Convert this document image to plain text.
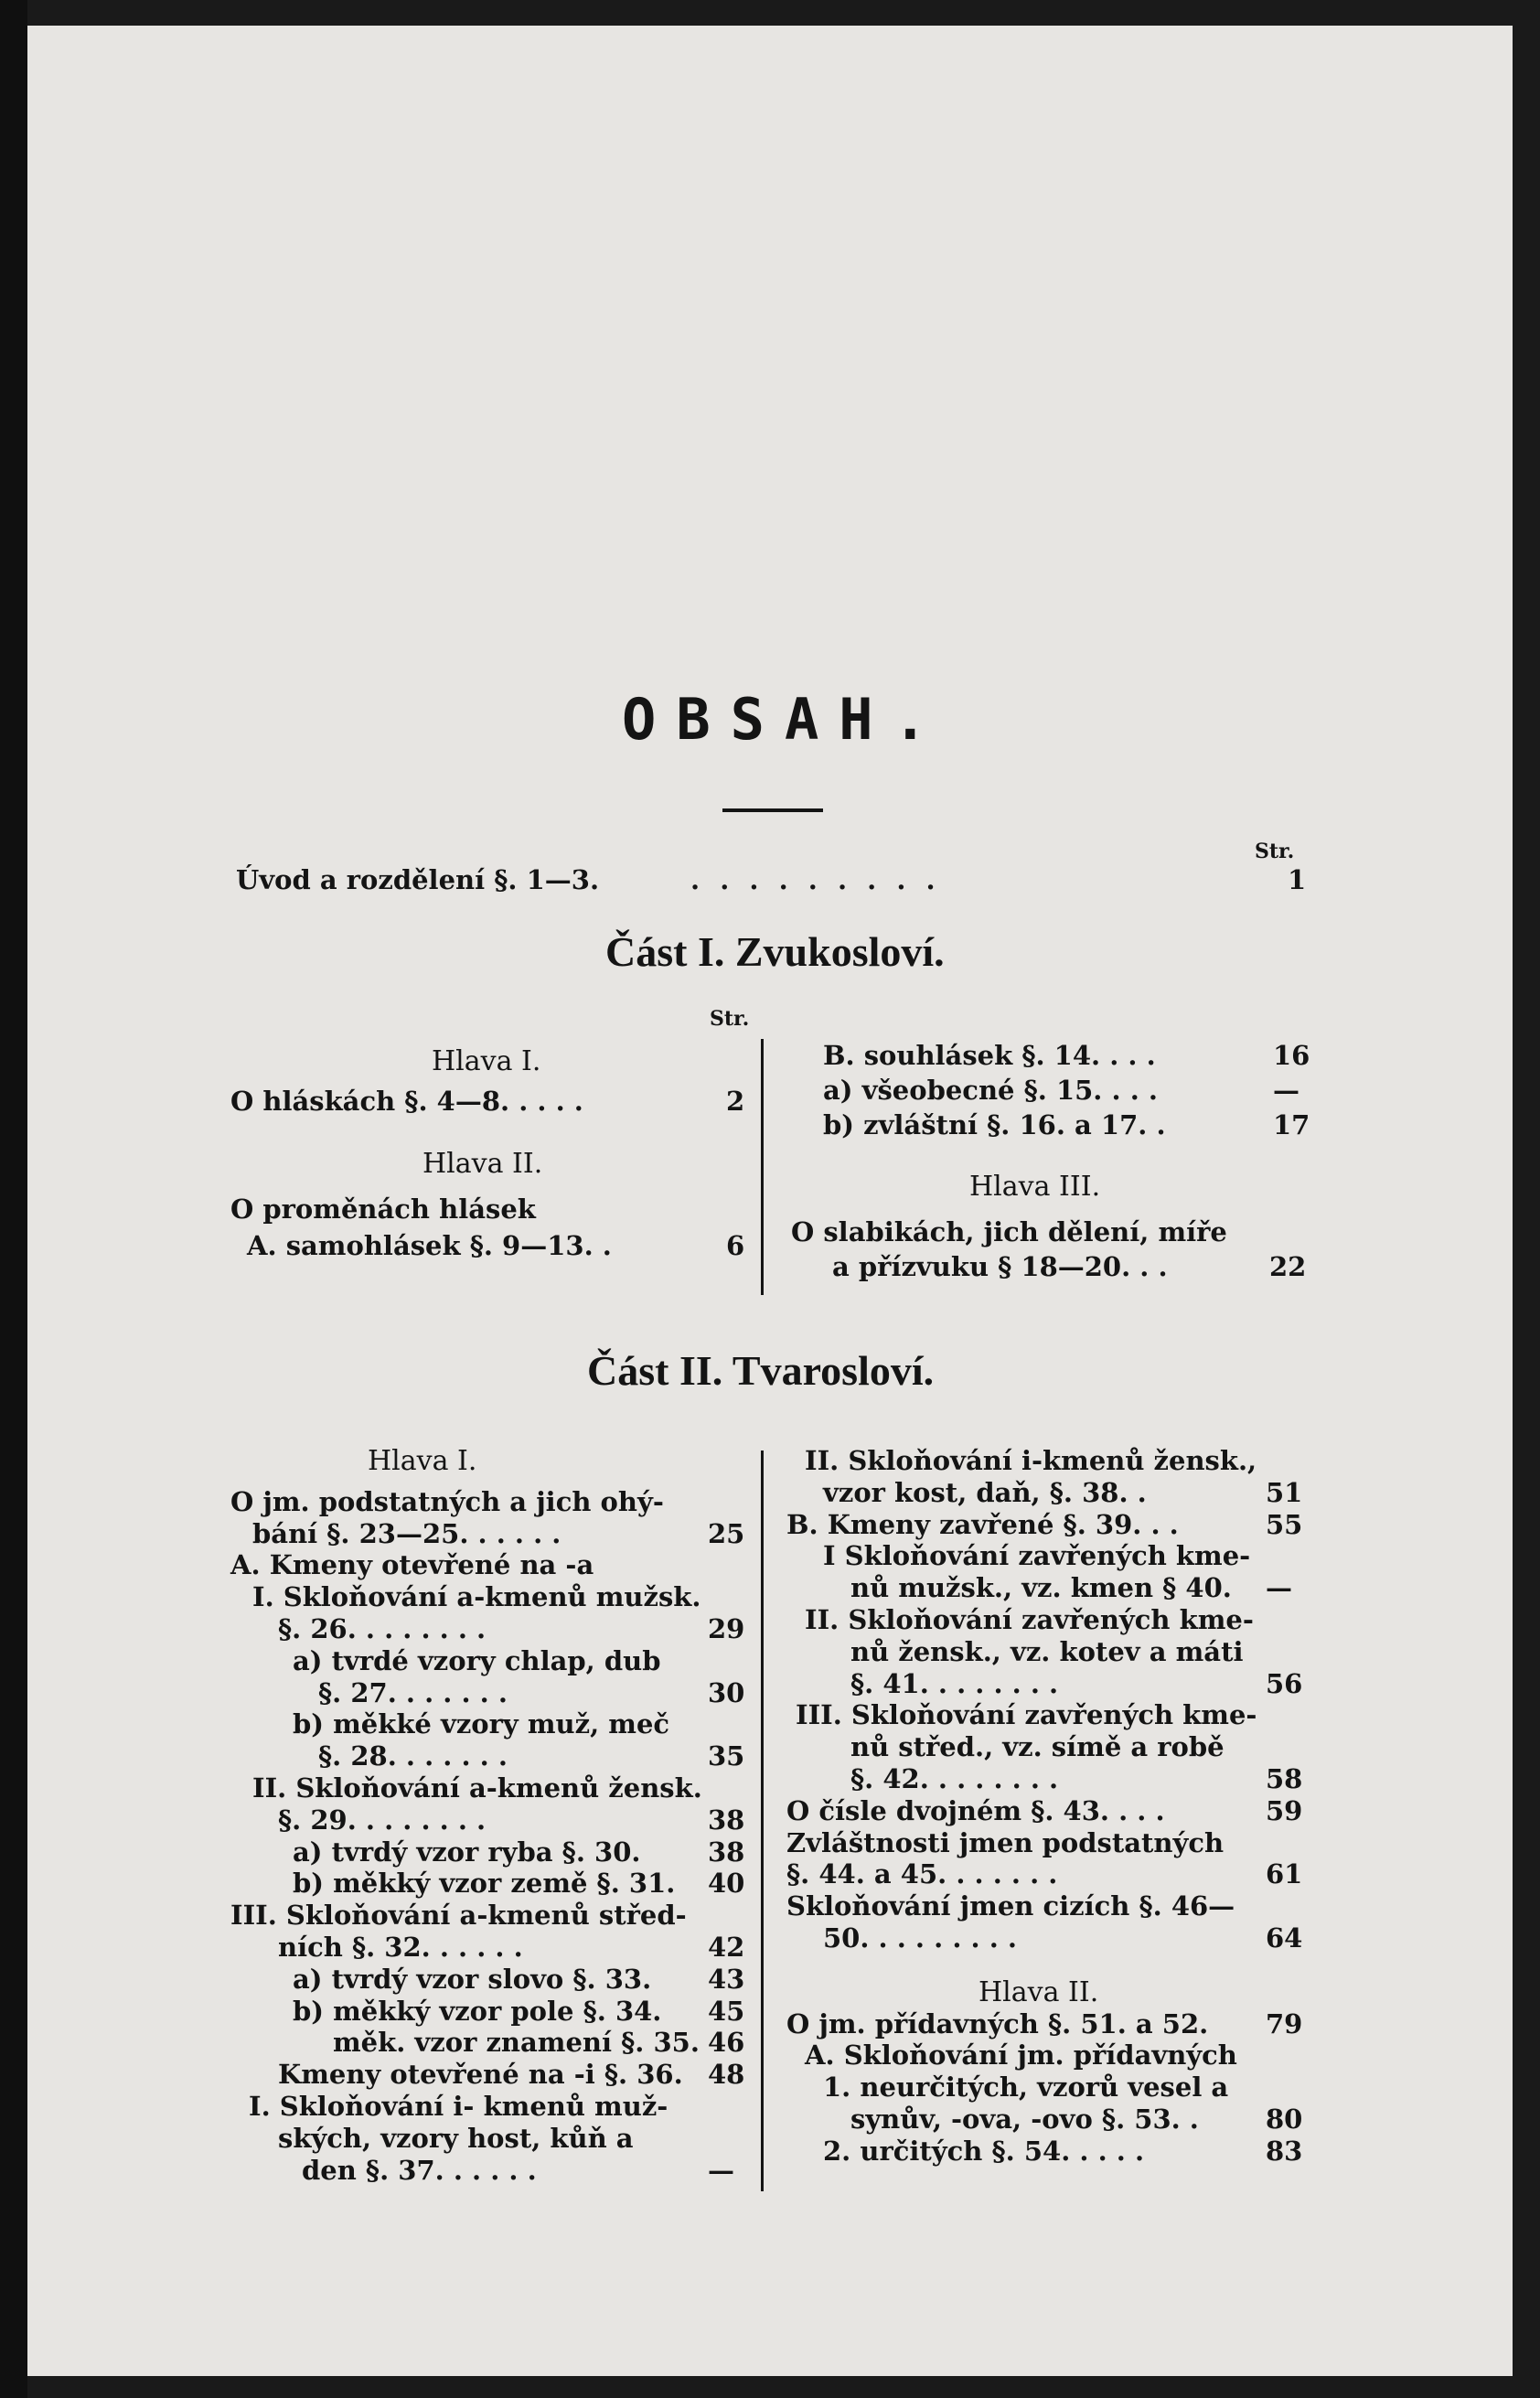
OBSAH.
Str.
Úvod a rozdělení §. 1—3.	. . . . . . . . .	1
Část I. Zvukosloví.
Str.
Hlava I.
O hláskách §. 4—8. . . . .	2
Hlava II.
O proměnách hlásek
A. samohlásek §. 9—13. .	6
B. souhlásek §. 14. . . .	16
a) všeobecné §. 15. . . .	—
b) zvláštní §. 16. a 17. .	17
Hlava III.
O slabikách, jich dělení, míře
a přízvuku § 18—20. . .	22
Část II. Tvarosloví.
Hlava I.
O jm. podstatných a jich ohý-
bání §. 23—25. . . . . .	25
A. Kmeny otevřené na -a
I. Skloňování a-kmenů mužsk.
§. 26. . . . . . . .	29
a) tvrdé vzory chlap, dub
§. 27. . . . . . .	30
b) měkké vzory muž, meč
§. 28. . . . . . .	35
II. Skloňování a-kmenů žensk.
§. 29. . . . . . . .	38
a) tvrdý vzor ryba §. 30.	38
b) měkký vzor země §. 31. 40
III. Skloňování a-kmenů střed-
ních §. 32. . . . . .	42
a) tvrdý vzor slovo §. 33. 43
b) měkký vzor pole §. 34. 45
měk. vzor znamení §. 35. 46
Kmeny otevřené na -i §. 36. 48
I. Skloňování i- kmenů muž-
ských, vzory host, kůň a
den §. 37. . . . . .	—
II. Skloňování i-kmenů žensk.,
vzor kost, daň, §. 38. .	51
B. Kmeny zavřené §. 39. . .	55
I Skloňování zavřených kme-
nů mužsk., vz. kmen § 40. —
II. Skloňování zavřených kme-
nů žensk., vz. kotev a máti
§. 41. . . . . . . .	56
III. Skloňování zavřených kme-
nů střed., vz. símě a robě
§. 42. . . . . . . .	58
O čísle dvojném §. 43. . . .	59
Zvláštnosti jmen podstatných
§. 44. a 45. . . . . . .	61
Skloňování jmen cizích §. 46—
50. . . . . . . . .	64
Hlava II.
O jm. přídavných §. 51. a 52. 79
A. Skloňování jm. přídavných
1. neurčitých, vzorů vesel a
synův, -ova, -ovo §. 53. .	80
2. určitých §. 54. . . . .	83
